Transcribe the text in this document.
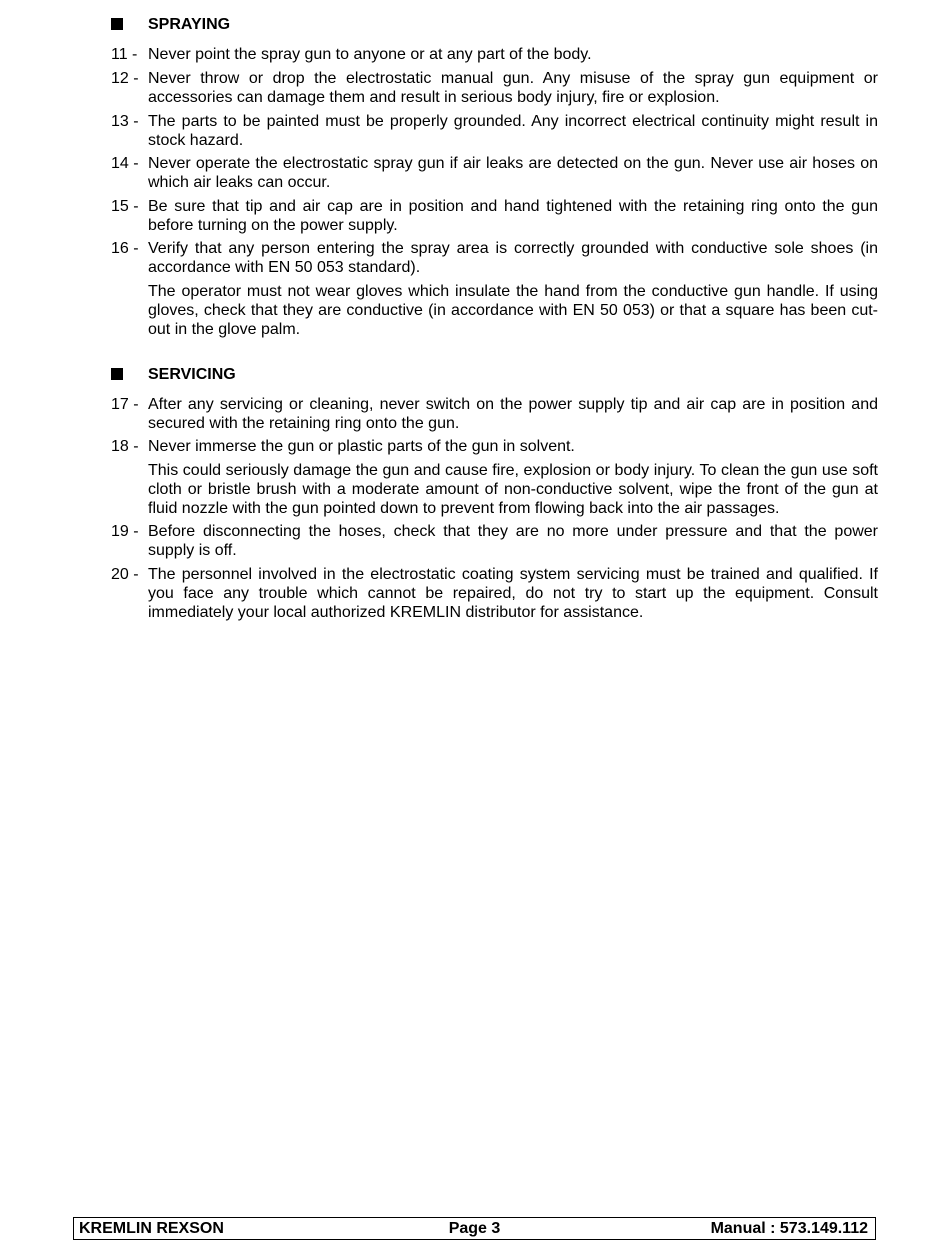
SPRAYING
11 - Never point the spray gun to anyone or at any part of the body.
12 - Never throw or drop the electrostatic manual gun. Any misuse of the spray gun equipment or accessories can damage them and result in serious body injury, fire or explosion.
13 - The parts to be painted must be properly grounded. Any incorrect electrical continuity might result in stock hazard.
14 - Never operate the electrostatic spray gun if air leaks are detected on the gun. Never use air hoses on which air leaks can occur.
15 - Be sure that tip and air cap are in position and hand tightened with the retaining ring onto the gun before turning on the power supply.
16 - Verify that any person entering the spray area is correctly grounded with conductive sole shoes (in accordance with EN 50 053 standard).
The operator must not wear gloves which insulate the hand from the conductive gun handle. If using gloves, check that they are conductive (in accordance with EN 50 053) or that a square has been cut-out in the glove palm.
SERVICING
17 - After any servicing or cleaning, never switch on the power supply tip and air cap are in position and secured with the retaining ring onto the gun.
18 - Never immerse the gun or plastic parts of the gun in solvent.
This could seriously damage the gun and cause fire, explosion or body injury. To clean the gun use soft cloth or bristle brush with a moderate amount of non-conductive solvent, wipe the front of the gun at fluid nozzle with the gun pointed down to prevent from flowing back into the air passages.
19 - Before disconnecting the hoses, check that they are no more under pressure and that the power supply is off.
20 - The personnel involved in the electrostatic coating system servicing must be trained and qualified. If you face any trouble which cannot be repaired, do not try to start up the equipment. Consult immediately your local authorized KREMLIN distributor for assistance.
KREMLIN REXSON	Page 3	Manual : 573.149.112
